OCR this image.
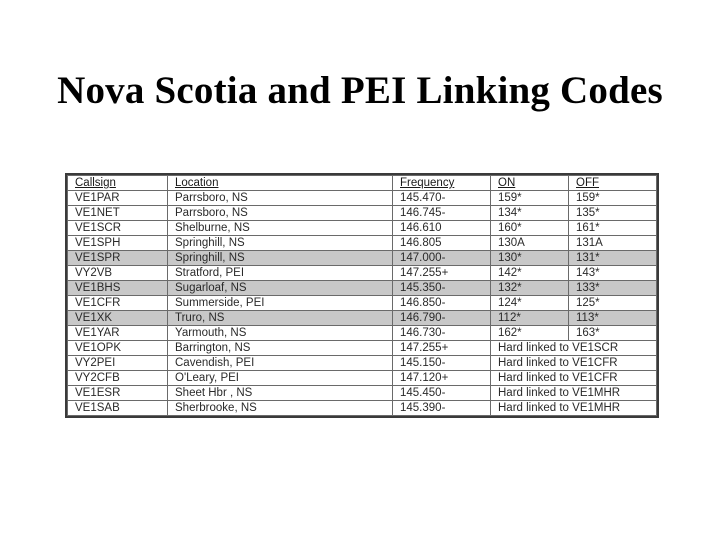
Nova Scotia and PEI Linking Codes
Callsign	Location	Frequency	ON	OFF
VE1PAR	Parrsboro, NS	145.470-	159*	159*
VE1NET	Parrsboro, NS	146.745-	134*	135*
VE1SCR	Shelburne, NS	146.610	160*	161*
VE1SPH	Springhill, NS	146.805	130A	131A
VE1SPR	Springhill, NS	147.000-	130*	131*
VY2VB	Stratford, PEI	147.255+	142*	143*
VE1BHS	Sugarloaf, NS	145.350-	132*	133*
VE1CFR	Summerside, PEI	146.850-	124*	125*
VE1XK	Truro, NS	146.790-	112*	113*
VE1YAR	Yarmouth, NS	146.730-	162*	163*
VE1OPK	Barrington, NS	147.255+	Hard linked to VE1SCR	
VY2PEI	Cavendish, PEI	145.150-	Hard linked to VE1CFR	
VY2CFB	O'Leary, PEI	147.120+	Hard linked to VE1CFR	
VE1ESR	Sheet Hbr , NS	145.450-	Hard linked to VE1MHR	
VE1SAB	Sherbrooke, NS	145.390-	Hard linked to VE1MHR	
